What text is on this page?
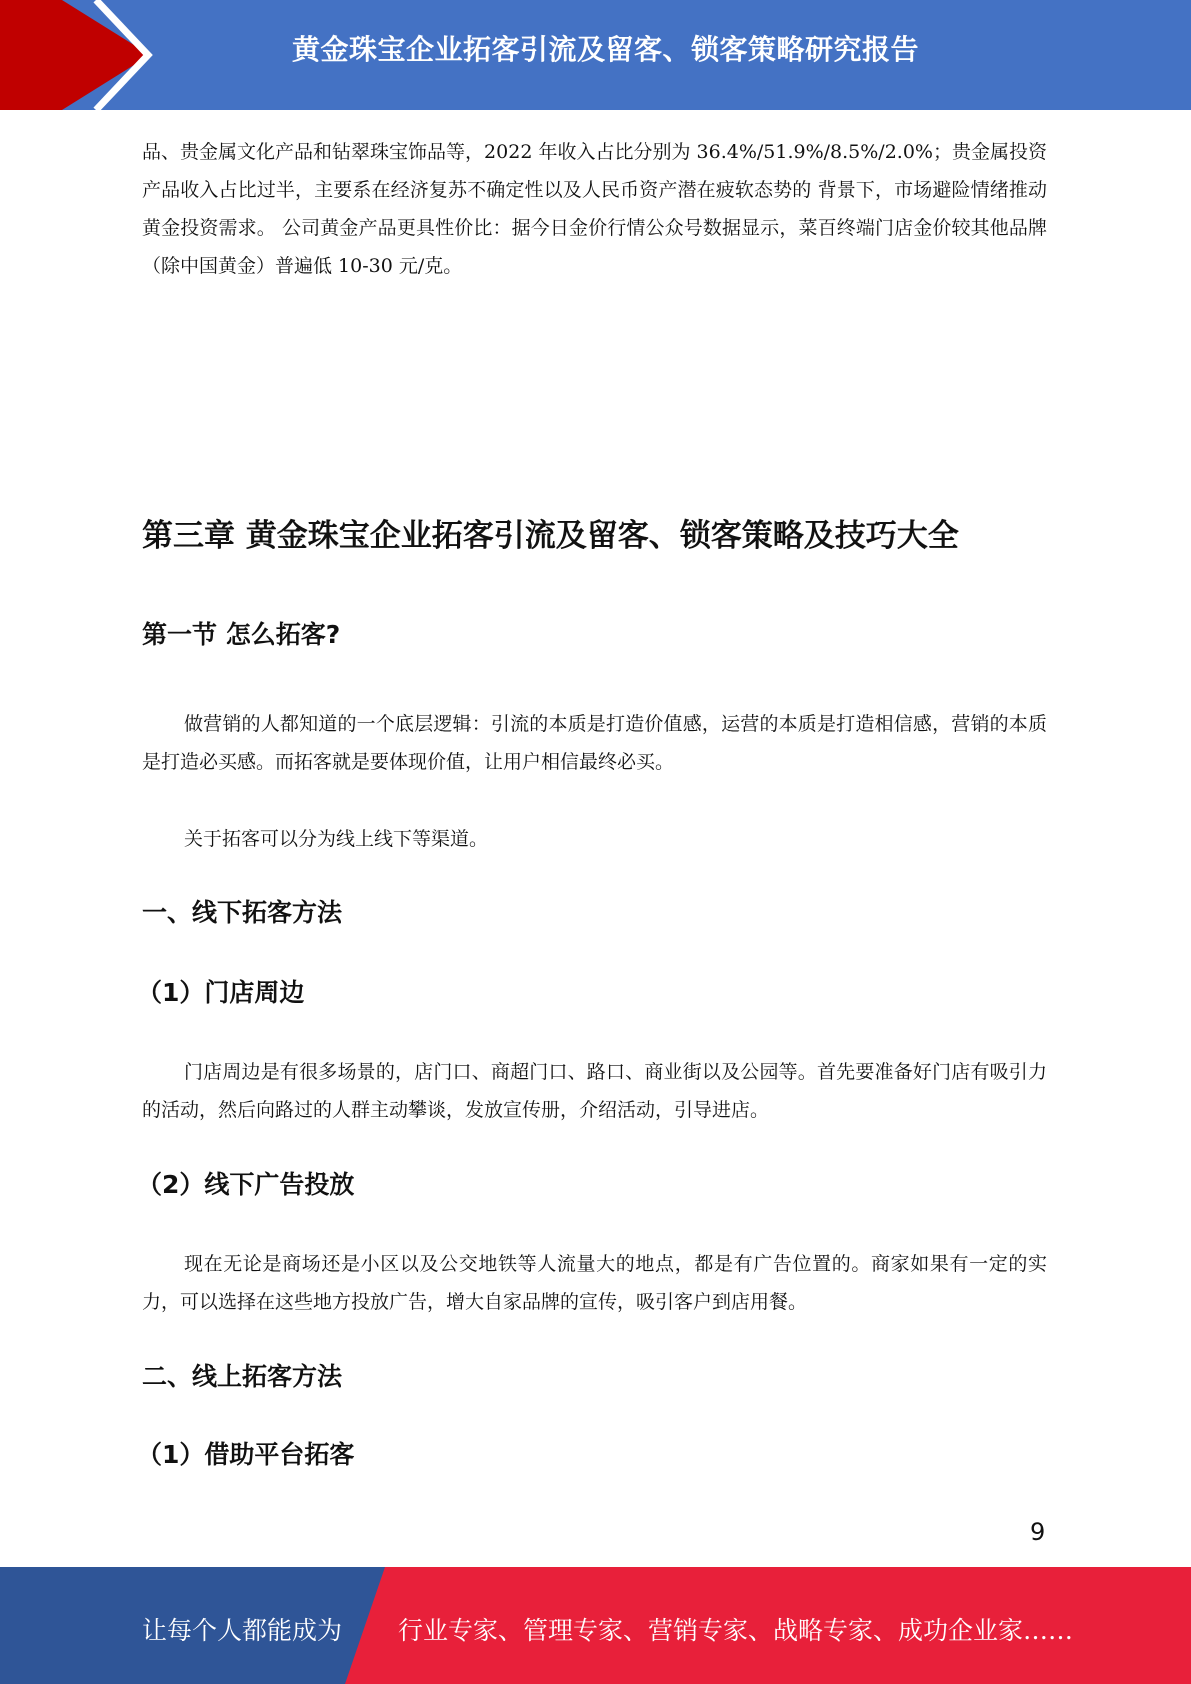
黄金珠宝企业拓客引流及留客、锁客策略研究报告
品、贵金属文化产品和钻翠珠宝饰品等，2022 年收入占比分别为 36.4%/51.9%/8.5%/2.0%；贵金属投资产品收入占比过半，主要系在经济复苏不确定性以及人民币资产潜在疲软态势的 背景下，市场避险情绪推动黄金投资需求。 公司黄金产品更具性价比：据今日金价行情公众号数据显示，菜百终端门店金价较其他品牌（除中国黄金）普遍低 10-30 元/克。
第三章 黄金珠宝企业拓客引流及留客、锁客策略及技巧大全
第一节 怎么拓客?
做营销的人都知道的一个底层逻辑：引流的本质是打造价值感，运营的本质是打造相信感，营销的本质是打造必买感。而拓客就是要体现价值，让用户相信最终必买。
关于拓客可以分为线上线下等渠道。
一、线下拓客方法
（1）门店周边
门店周边是有很多场景的，店门口、商超门口、路口、商业街以及公园等。首先要准备好门店有吸引力的活动，然后向路过的人群主动攀谈，发放宣传册，介绍活动，引导进店。
（2）线下广告投放
现在无论是商场还是小区以及公交地铁等人流量大的地点，都是有广告位置的。商家如果有一定的实力，可以选择在这些地方投放广告，增大自家品牌的宣传，吸引客户到店用餐。
二、线上拓客方法
（1）借助平台拓客
9
让每个人都能成为 行业专家、管理专家、营销专家、战略专家、成功企业家……
